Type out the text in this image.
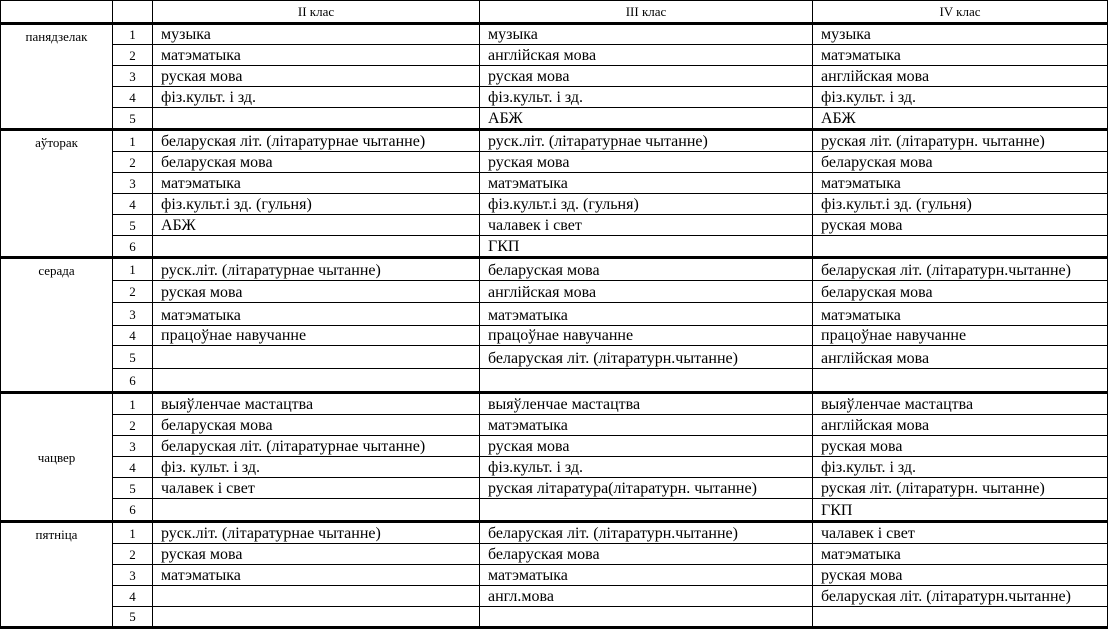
		II клас	III клас	IV клас
панядзелак	1	музыка	музыка	музыка
	2	матэматыка	англійская мова	матэматыка
	3	руская мова	руская мова	англійская мова
	4	фіз.культ. і зд.	фіз.культ. і зд.	фіз.культ. і зд.
	5		АБЖ	АБЖ
аўторак	1	беларуская літ. (літаратурнае чытанне)	руск.літ. (літаратурнае чытанне)	руская літ. (літаратурн. чытанне)
	2	беларуская мова	руская мова	беларуская мова
	3	матэматыка	матэматыка	матэматыка
	4	фіз.культ.і зд. (гульня)	фіз.культ.і зд. (гульня)	фіз.культ.і зд. (гульня)
	5	АБЖ	чалавек і свет	руская мова
	6		ГКП	
серада	1	руск.літ. (літаратурнае чытанне)	беларуская мова	беларуская літ. (літаратурн.чытанне)
	2	руская мова	англійская мова	беларуская мова
	3	матэматыка	матэматыка	матэматыка
	4	працоўнае навучанне	працоўнае навучанне	працоўнае навучанне
	5		беларуская літ. (літаратурн.чытанне)	англійская мова
	6			
чацвер	1	выяўленчае мастацтва	выяўленчае мастацтва	выяўленчае мастацтва
	2	беларуская мова	матэматыка	англійская мова
	3	беларуская літ. (літаратурнае чытанне)	руская мова	руская мова
	4	фіз. культ. і зд.	фіз.культ. і зд.	фіз.культ. і зд.
	5	чалавек і свет	руская літаратура(літаратурн. чытанне)	руская літ. (літаратурн. чытанне)
	6			ГКП
пятніца	1	руск.літ. (літаратурнае чытанне)	беларуская літ. (літаратурн.чытанне)	чалавек і свет
	2	руская мова	беларуская мова	матэматыка
	3	матэматыка	матэматыка	руская мова
	4		англ.мова	беларуская літ. (літаратурн.чытанне)
	5			
